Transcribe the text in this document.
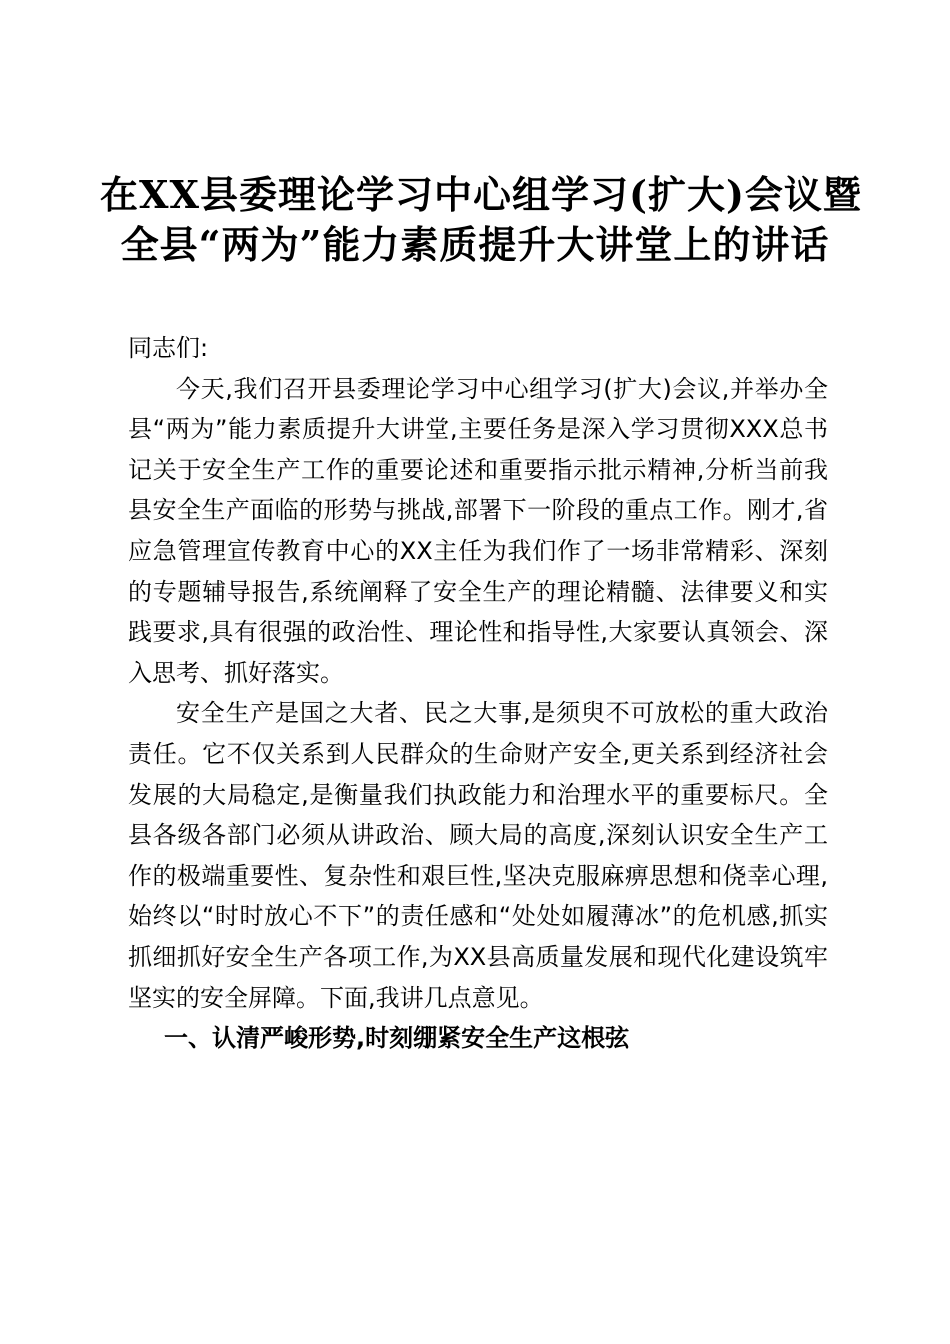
在XX县委理论学习中心组学习(扩大)会议暨
全县“两为”能力素质提升大讲堂上的讲话

同志们:

今天,我们召开县委理论学习中心组学习(扩大)会议,并举办全县“两为”能力素质提升大讲堂,主要任务是深入学习贯彻XXX总书记关于安全生产工作的重要论述和重要指示批示精神,分析当前我县安全生产面临的形势与挑战,部署下一阶段的重点工作。刚才,省应急管理宣传教育中心的XX主任为我们作了一场非常精彩、深刻的专题辅导报告,系统阐释了安全生产的理论精髓、法律要义和实践要求,具有很强的政治性、理论性和指导性,大家要认真领会、深入思考、抓好落实。

安全生产是国之大者、民之大事,是须臾不可放松的重大政治责任。它不仅关系到人民群众的生命财产安全,更关系到经济社会发展的大局稳定,是衡量我们执政能力和治理水平的重要标尺。全县各级各部门必须从讲政治、顾大局的高度,深刻认识安全生产工作的极端重要性、复杂性和艰巨性,坚决克服麻痹思想和侥幸心理,始终以“时时放心不下”的责任感和“处处如履薄冰”的危机感,抓实抓细抓好安全生产各项工作,为XX县高质量发展和现代化建设筑牢坚实的安全屏障。下面,我讲几点意见。

一、认清严峻形势,时刻绷紧安全生产这根弦
